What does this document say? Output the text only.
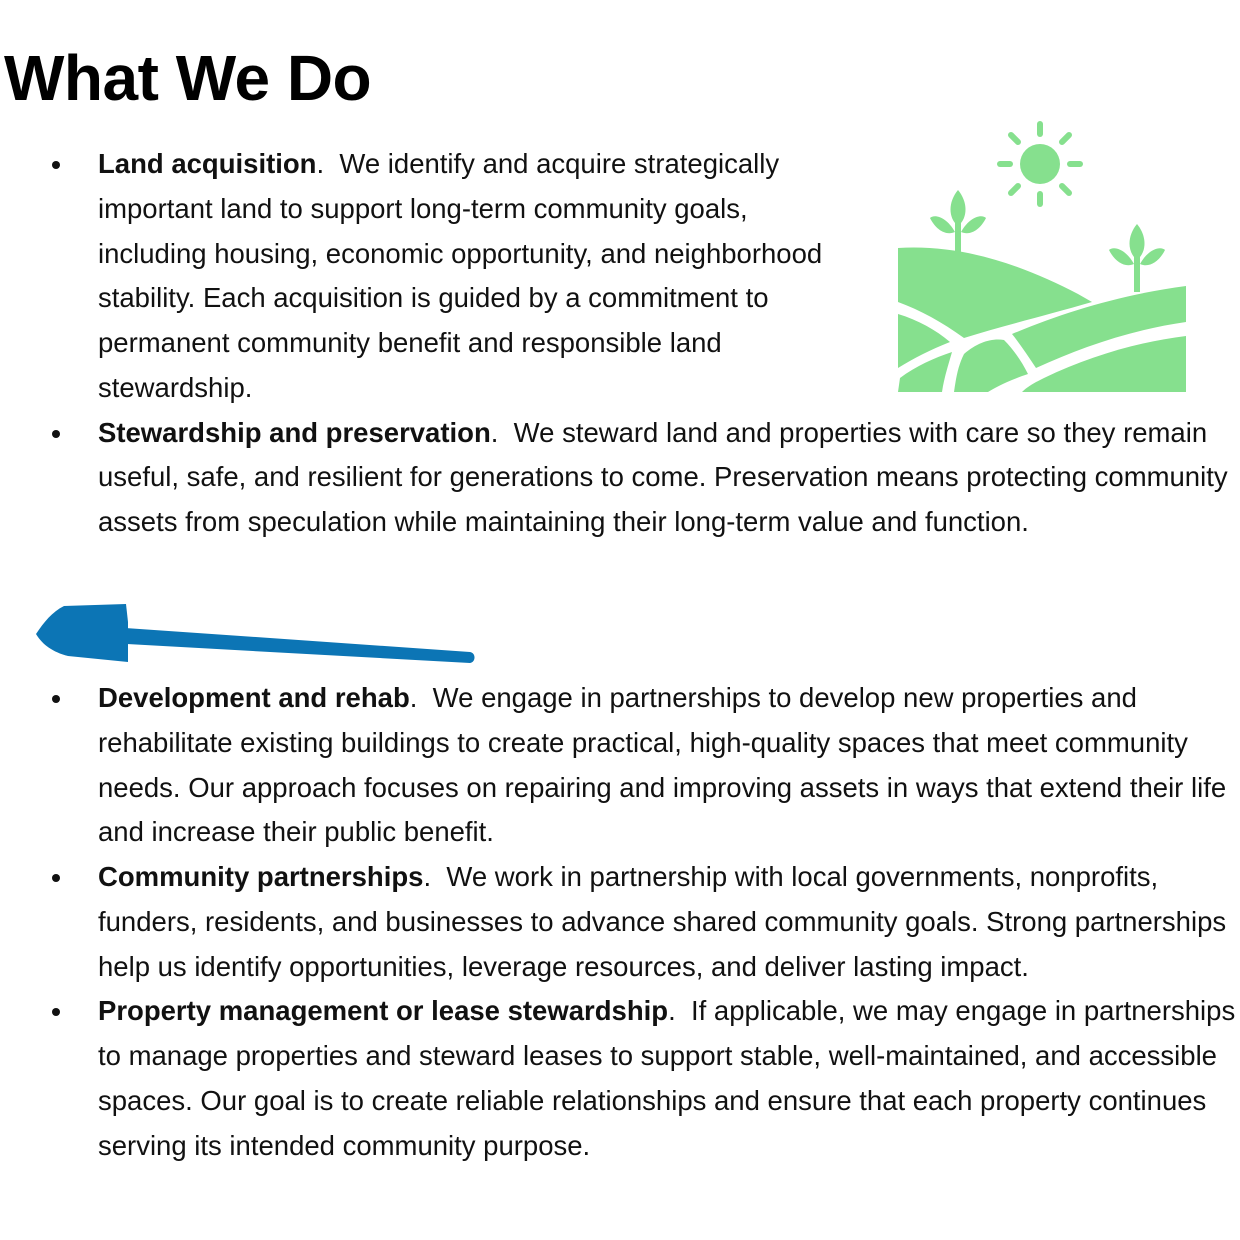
What We Do
Land acquisition.  We identify and acquire strategically important land to support long-term community goals, including housing, economic opportunity, and neighborhood stability. Each acquisition is guided by a commitment to permanent community benefit and responsible land stewardship.
Stewardship and preservation.  We steward land and properties with care so they remain useful, safe, and resilient for generations to come. Preservation means protecting community assets from speculation while maintaining their long-term value and function.
Development and rehab.  We engage in partnerships to develop new properties and rehabilitate existing buildings to create practical, high-quality spaces that meet community needs. Our approach focuses on repairing and improving assets in ways that extend their life and increase their public benefit.
Community partnerships.  We work in partnership with local governments, nonprofits, funders, residents, and businesses to advance shared community goals. Strong partnerships help us identify opportunities, leverage resources, and deliver lasting impact.
Property management or lease stewardship.  If applicable, we may engage in partnerships to manage properties and steward leases to support stable, well-maintained, and accessible spaces. Our goal is to create reliable relationships and ensure that each property continues serving its intended community purpose.
